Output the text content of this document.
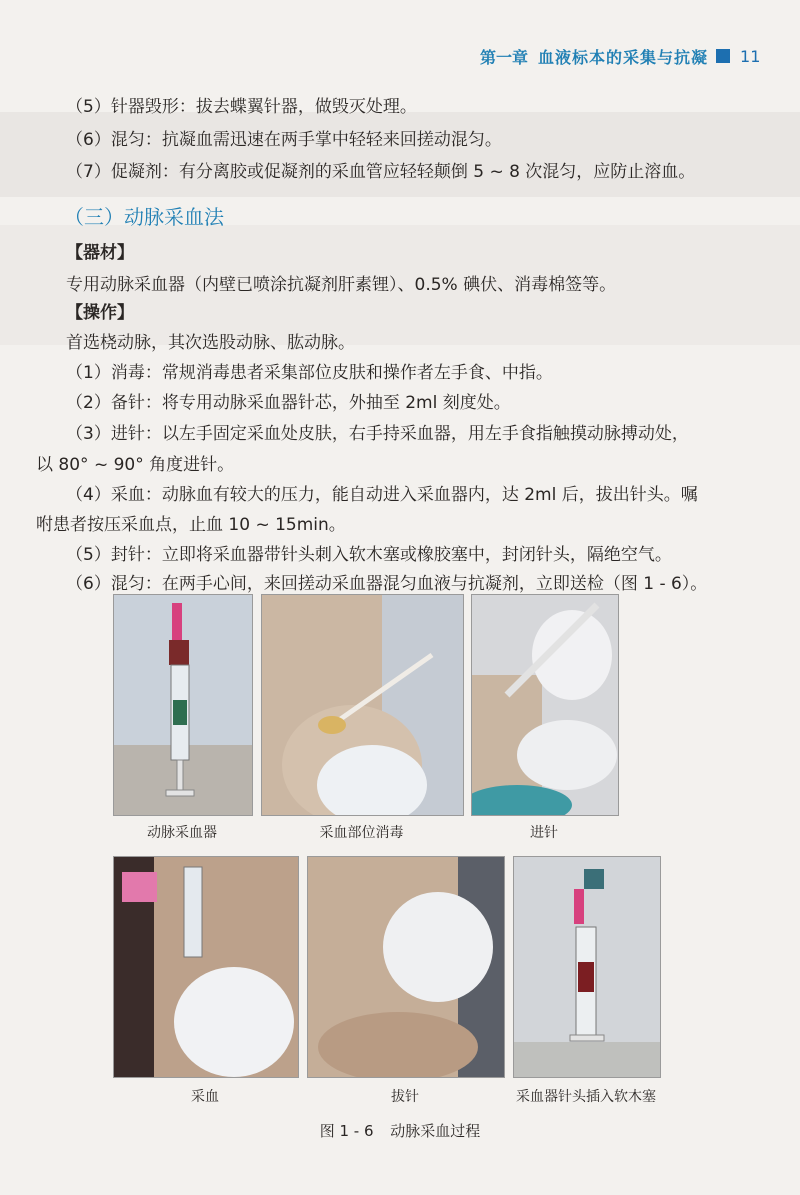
第一章 血液标本的采集与抗凝 11
（5）针器毁形：拔去蝶翼针器，做毁灭处理。
（6）混匀：抗凝血需迅速在两手掌中轻轻来回搓动混匀。
（7）促凝剂：有分离胶或促凝剂的采血管应轻轻颠倒 5 ~ 8 次混匀，应防止溶血。
（三）动脉采血法
【器材】
专用动脉采血器（内壁已喷涂抗凝剂肝素锂）、0.5% 碘伏、消毒棉签等。
【操作】
首选桡动脉，其次选股动脉、肱动脉。
（1）消毒：常规消毒患者采集部位皮肤和操作者左手食、中指。
（2）备针：将专用动脉采血器针芯，外抽至 2ml 刻度处。
（3）进针：以左手固定采血处皮肤，右手持采血器，用左手食指触摸动脉搏动处，
以 80° ~ 90° 角度进针。
（4）采血：动脉血有较大的压力，能自动进入采血器内，达 2ml 后，拔出针头。嘱
咐患者按压采血点，止血 10 ~ 15min。
（5）封针：立即将采血器带针头刺入软木塞或橡胶塞中，封闭针头，隔绝空气。
（6）混匀：在两手心间，来回搓动采血器混匀血液与抗凝剂，立即送检（图 1 - 6）。
动脉采血器	采血部位消毒	进针
采血	拔针	采血器针头插入软木塞
图 1 - 6 动脉采血过程
